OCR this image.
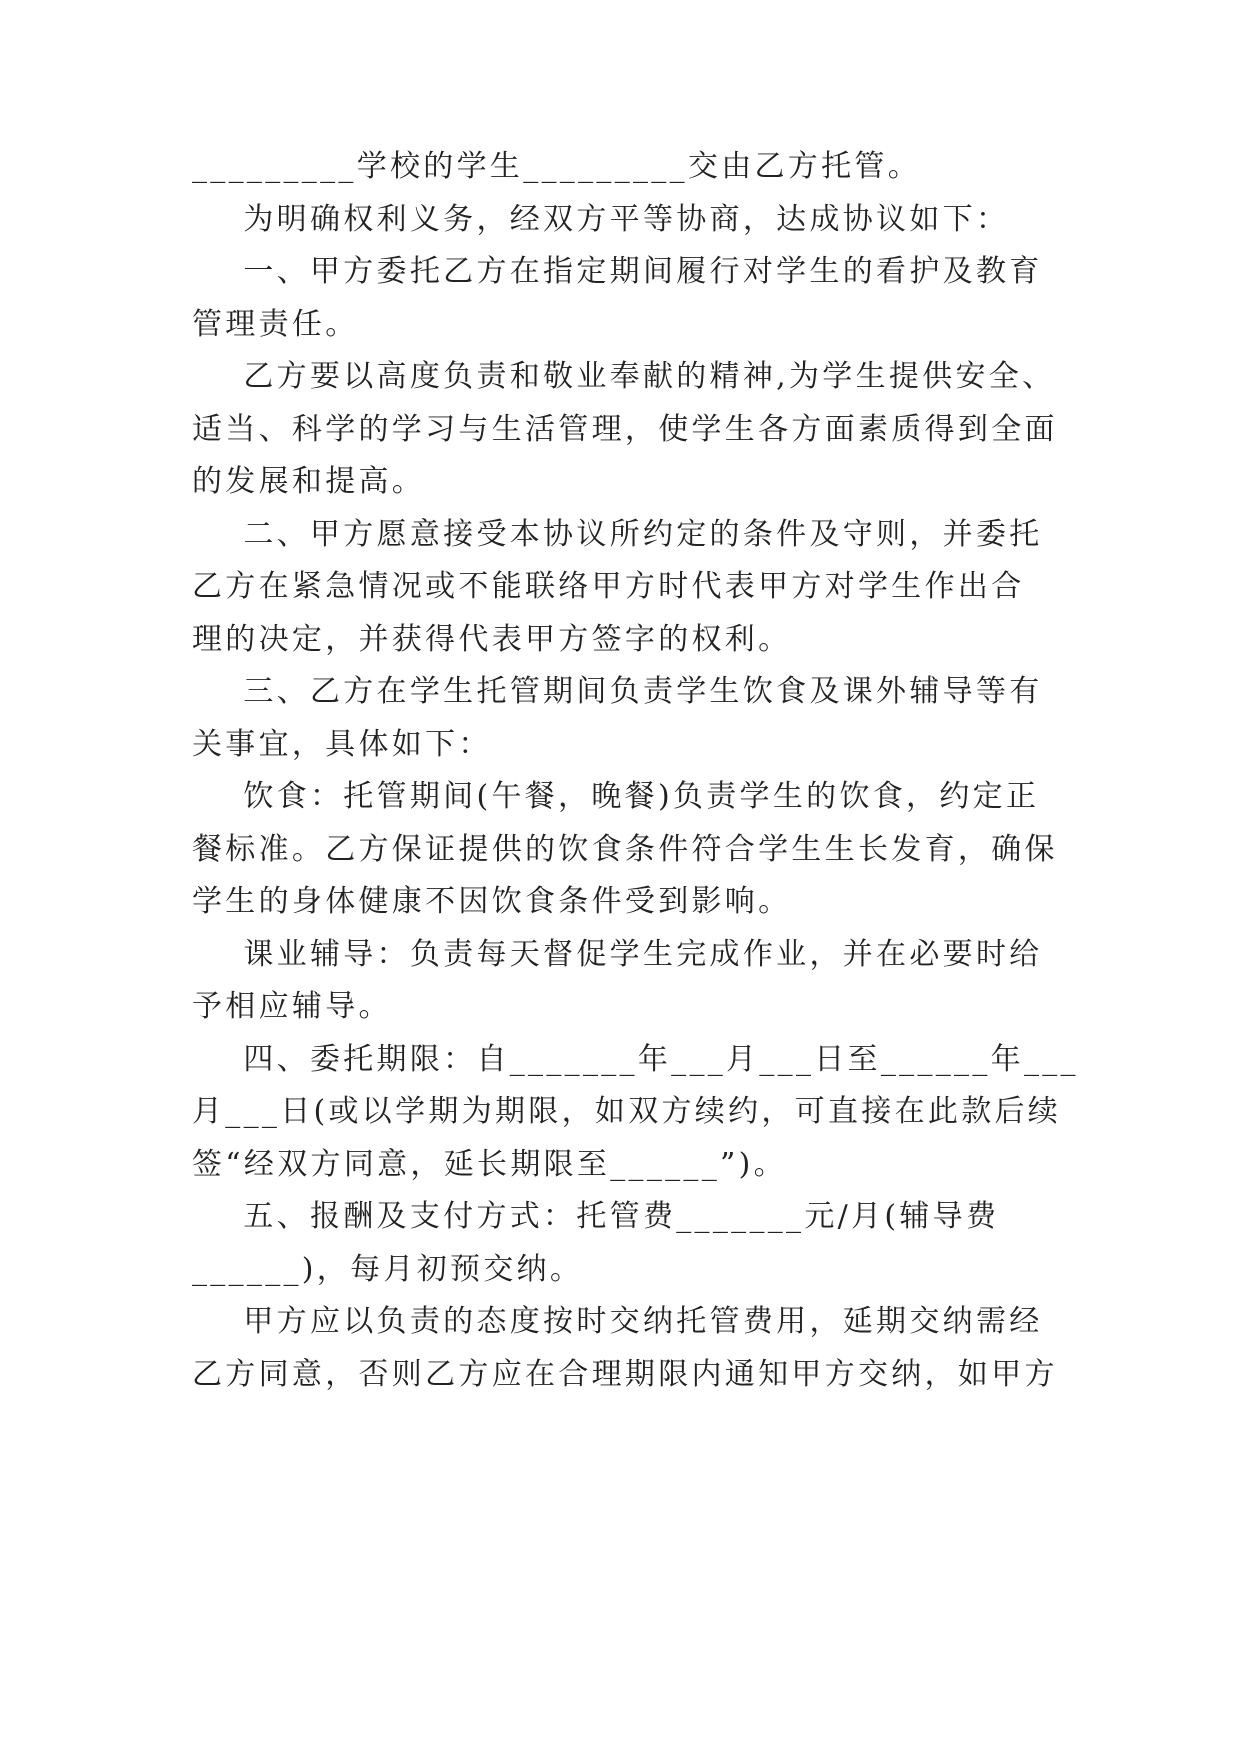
_________学校的学生_________交由乙方托管。
为明确权利义务，经双方平等协商，达成协议如下：
一、甲方委托乙方在指定期间履行对学生的看护及教育
管理责任。
乙方要以高度负责和敬业奉献的精神,为学生提供安全、
适当、科学的学习与生活管理，使学生各方面素质得到全面
的发展和提高。
二、甲方愿意接受本协议所约定的条件及守则，并委托
乙方在紧急情况或不能联络甲方时代表甲方对学生作出合
理的决定，并获得代表甲方签字的权利。
三、乙方在学生托管期间负责学生饮食及课外辅导等有
关事宜，具体如下：
饮食：托管期间(午餐，晚餐)负责学生的饮食，约定正
餐标准。乙方保证提供的饮食条件符合学生生长发育，确保
学生的身体健康不因饮食条件受到影响。
课业辅导：负责每天督促学生完成作业，并在必要时给
予相应辅导。
四、委托期限：自_______年___月___日至______年___
月___日(或以学期为期限，如双方续约，可直接在此款后续
签“经双方同意，延长期限至______”)。
五、报酬及支付方式：托管费_______元/月(辅导费
______)，每月初预交纳。
甲方应以负责的态度按时交纳托管费用，延期交纳需经
乙方同意，否则乙方应在合理期限内通知甲方交纳，如甲方
